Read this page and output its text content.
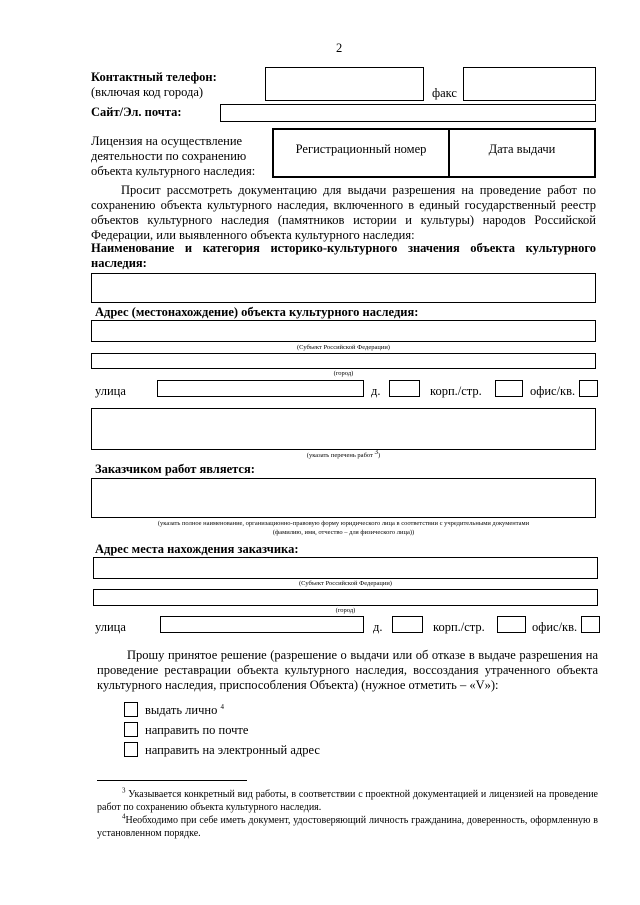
2
Контактный телефон:
(включая код города)	факс
Сайт/Эл. почта:
Лицензия на осуществление
деятельности по сохранению
объекта культурного наследия:
Регистрационный номер	Дата выдачи
Просит рассмотреть документацию для выдачи разрешения на проведение работ по сохранению объекта культурного наследия, включенного в единый государственный реестр объектов культурного наследия (памятников истории и культуры) народов Российской Федерации, или выявленного объекта культурного наследия:
Наименование и категория историко-культурного значения объекта культурного наследия:
Адрес (местонахождение) объекта культурного наследия:
(Субъект Российской Федерации)
(город)
улица	д.	корп./стр.	офис/кв.
(указать перечень работ $^3$)
Заказчиком работ является:
(указать полное наименование, организационно-правовую форму юридического лица в соответствии с учредительными документами
(фамилию, имя, отчество – для физического лица))
Адрес места нахождения заказчика:
(Субъект Российской Федерации)
(город)
улица	д.	корп./стр.	офис/кв.
Прошу принятое решение (разрешение о выдачи или об отказе в выдаче разрешения на проведение реставрации объекта культурного наследия, воссоздания утраченного объекта культурного наследия, приспособления Объекта) (нужное отметить – «V»):
выдать лично $^4$
направить по почте
направить на электронный адрес
$^3$ Указывается конкретный вид работы, в соответствии с проектной документацией и лицензией на проведение работ по сохранению объекта культурного наследия.
$^4$Необходимо при себе иметь документ, удостоверяющий личность гражданина, доверенность, оформленную в установленном порядке.
